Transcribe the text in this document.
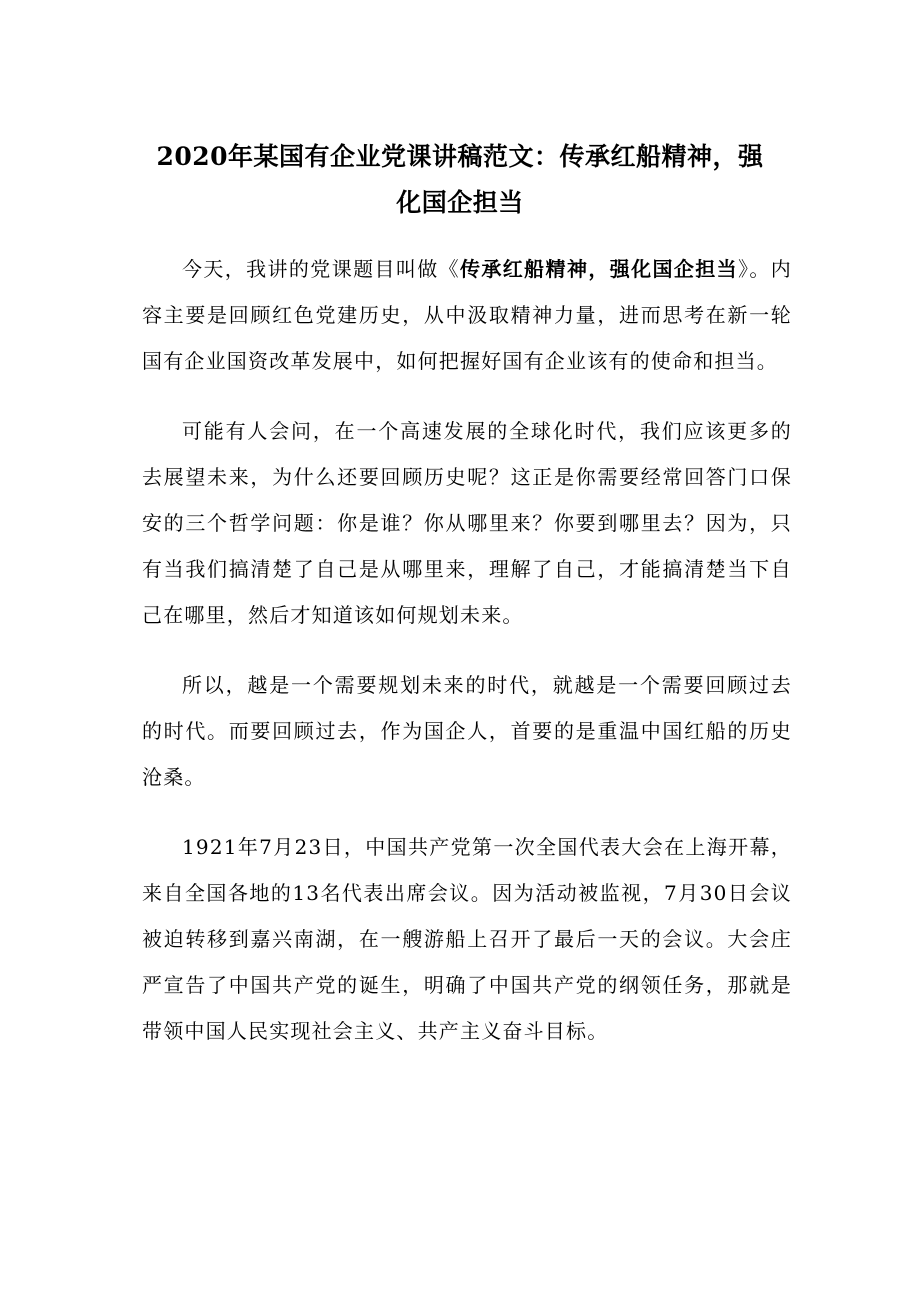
2020年某国有企业党课讲稿范文：传承红船精神，强
化国企担当

今天，我讲的党课题目叫做《传承红船精神，强化国企担当》。内容主要是回顾红色党建历史，从中汲取精神力量，进而思考在新一轮国有企业国资改革发展中，如何把握好国有企业该有的使命和担当。

可能有人会问，在一个高速发展的全球化时代，我们应该更多的去展望未来，为什么还要回顾历史呢？这正是你需要经常回答门口保安的三个哲学问题：你是谁？你从哪里来？你要到哪里去？因为，只有当我们搞清楚了自己是从哪里来，理解了自己，才能搞清楚当下自己在哪里，然后才知道该如何规划未来。

所以，越是一个需要规划未来的时代，就越是一个需要回顾过去的时代。而要回顾过去，作为国企人，首要的是重温中国红船的历史沧桑。

1921年7月23日，中国共产党第一次全国代表大会在上海开幕，来自全国各地的13名代表出席会议。因为活动被监视，7月30日会议被迫转移到嘉兴南湖，在一艘游船上召开了最后一天的会议。大会庄严宣告了中国共产党的诞生，明确了中国共产党的纲领任务，那就是带领中国人民实现社会主义、共产主义奋斗目标。
